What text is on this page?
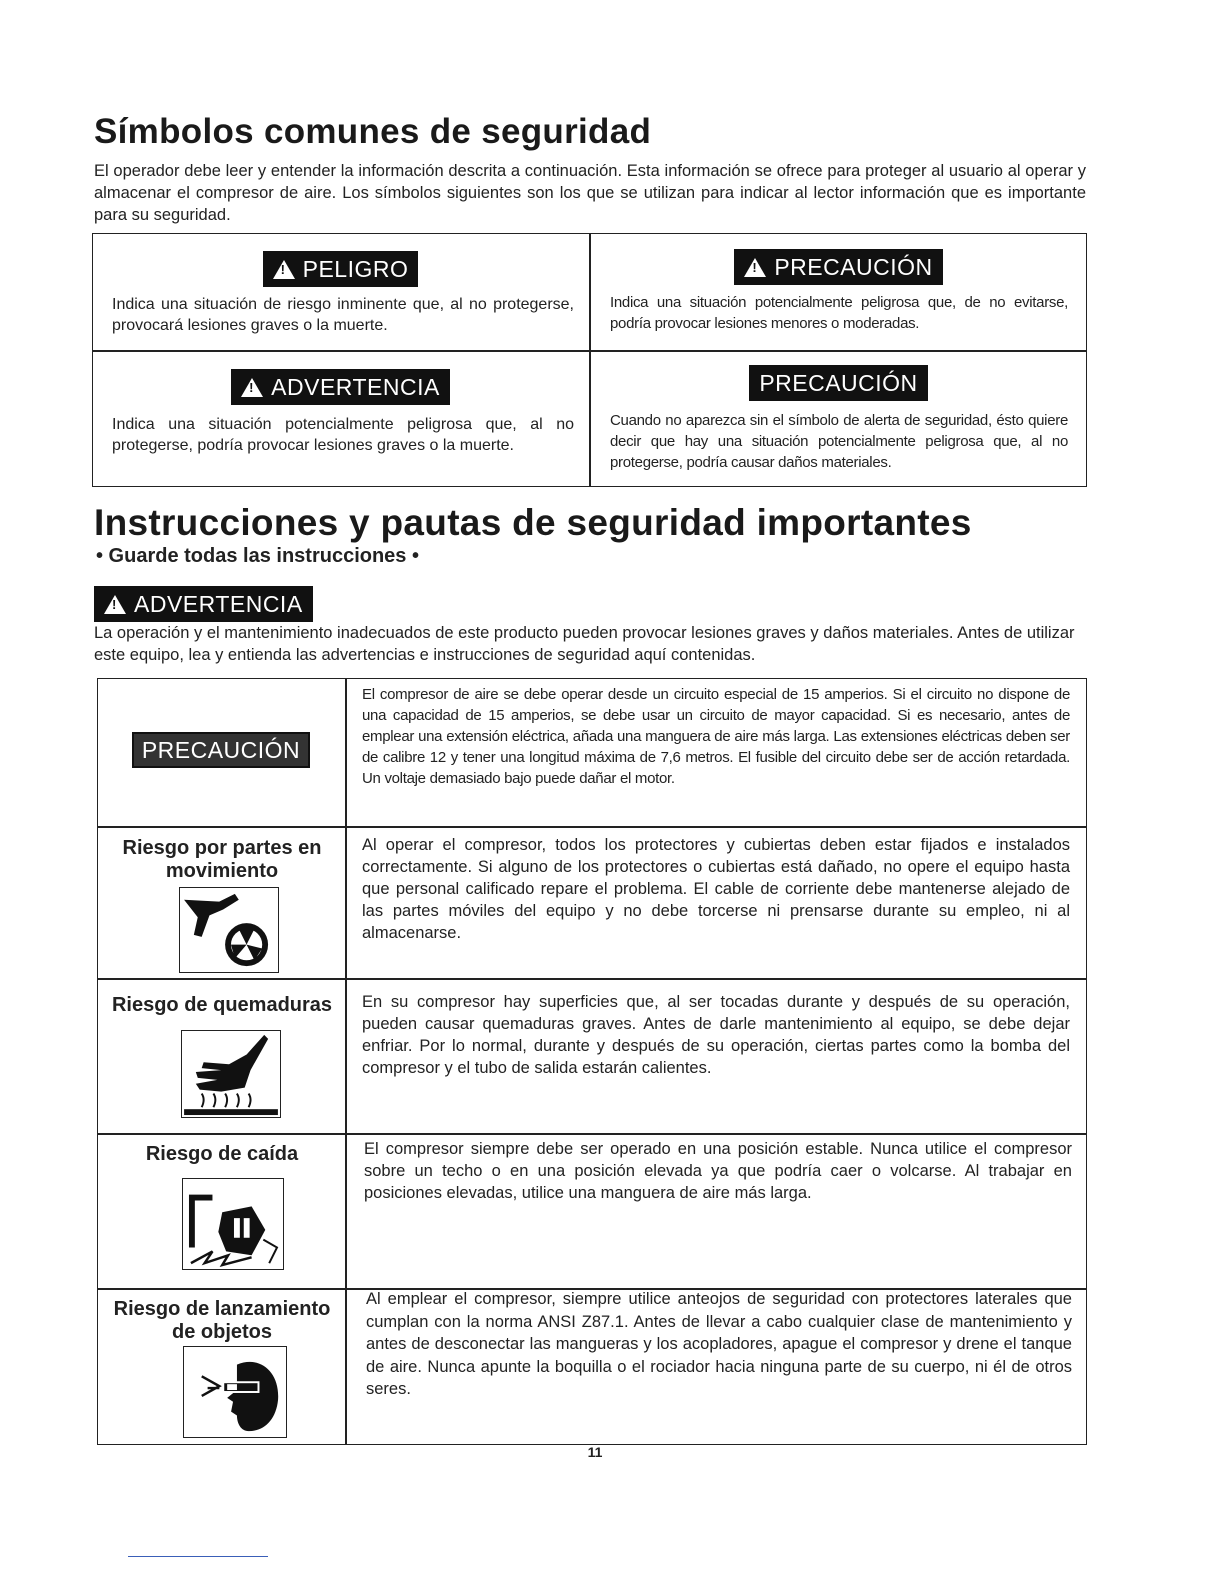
Símbolos comunes de seguridad
El operador debe leer y entender la información descrita a continuación. Esta información se ofrece para proteger al usuario al operar y almacenar el compresor de aire. Los símbolos siguientes son los que se utilizan para indicar al lector información que es importante para su seguridad.
!PELIGRO
Indica una situación de riesgo inminente que, al no protegerse, provocará lesiones graves o la muerte.
!PRECAUCIÓN
Indica una situación potencialmente peligrosa que, de no evitarse, podría provocar lesiones menores o moderadas.
!ADVERTENCIA
Indica una situación potencialmente peligrosa que, al no protegerse, podría provocar lesiones graves o la muerte.
PRECAUCIÓN
Cuando no aparezca sin el símbolo de alerta de seguridad, ésto quiere decir que hay una situación potencialmente peligrosa que, al no protegerse, podría causar daños materiales.
Instrucciones y pautas de seguridad importantes
• Guarde todas las instrucciones •
!ADVERTENCIA
La operación y el mantenimiento inadecuados de este producto pueden provocar lesiones graves y daños materiales. Antes de utilizar este equipo, lea y entienda las advertencias e instrucciones de seguridad aquí contenidas.
PRECAUCIÓN
El compresor de aire se debe operar desde un circuito especial de 15 amperios. Si el circuito no dispone de una capacidad de 15 amperios, se debe usar un circuito de mayor capacidad. Si es necesario, antes de emplear una extensión eléctrica, añada una manguera de aire más larga. Las extensiones eléctricas deben ser de calibre 12 y tener una longitud máxima de 7,6 metros. El fusible del circuito debe ser de acción retardada. Un voltaje demasiado bajo puede dañar el motor.
Riesgo por partes en movimiento
Al operar el compresor, todos los protectores y cubiertas deben estar fijados e instalados correctamente. Si alguno de los protectores o cubiertas está dañado, no opere el equipo hasta que personal calificado repare el problema. El cable de corriente debe mantenerse alejado de las partes móviles del equipo y no debe torcerse ni prensarse durante su empleo, ni al almacenarse.
Riesgo de quemaduras	En su compresor hay superficies que, al ser tocadas durante y después de su operación, pueden causar quemaduras graves. Antes de darle mantenimiento al equipo, se debe dejar enfriar. Por lo normal, durante y después de su operación, ciertas partes como la bomba del compresor y el tubo de salida estarán calientes.
Riesgo de caída	El compresor siempre debe ser operado en una posición estable. Nunca utilice el compresor sobre un techo o en una posición elevada ya que podría caer o volcarse. Al trabajar en posiciones elevadas, utilice una manguera de aire más larga.
Riesgo de lanzamiento de objetos
Al emplear el compresor, siempre utilice anteojos de seguridad con protectores laterales que cumplan con la norma ANSI Z87.1. Antes de llevar a cabo cualquier clase de mantenimiento y antes de desconectar las mangueras y los acopladores, apague el compresor y drene el tanque de aire. Nunca apunte la boquilla o el rociador hacia ninguna parte de su cuerpo, ni él de otros seres.
11
